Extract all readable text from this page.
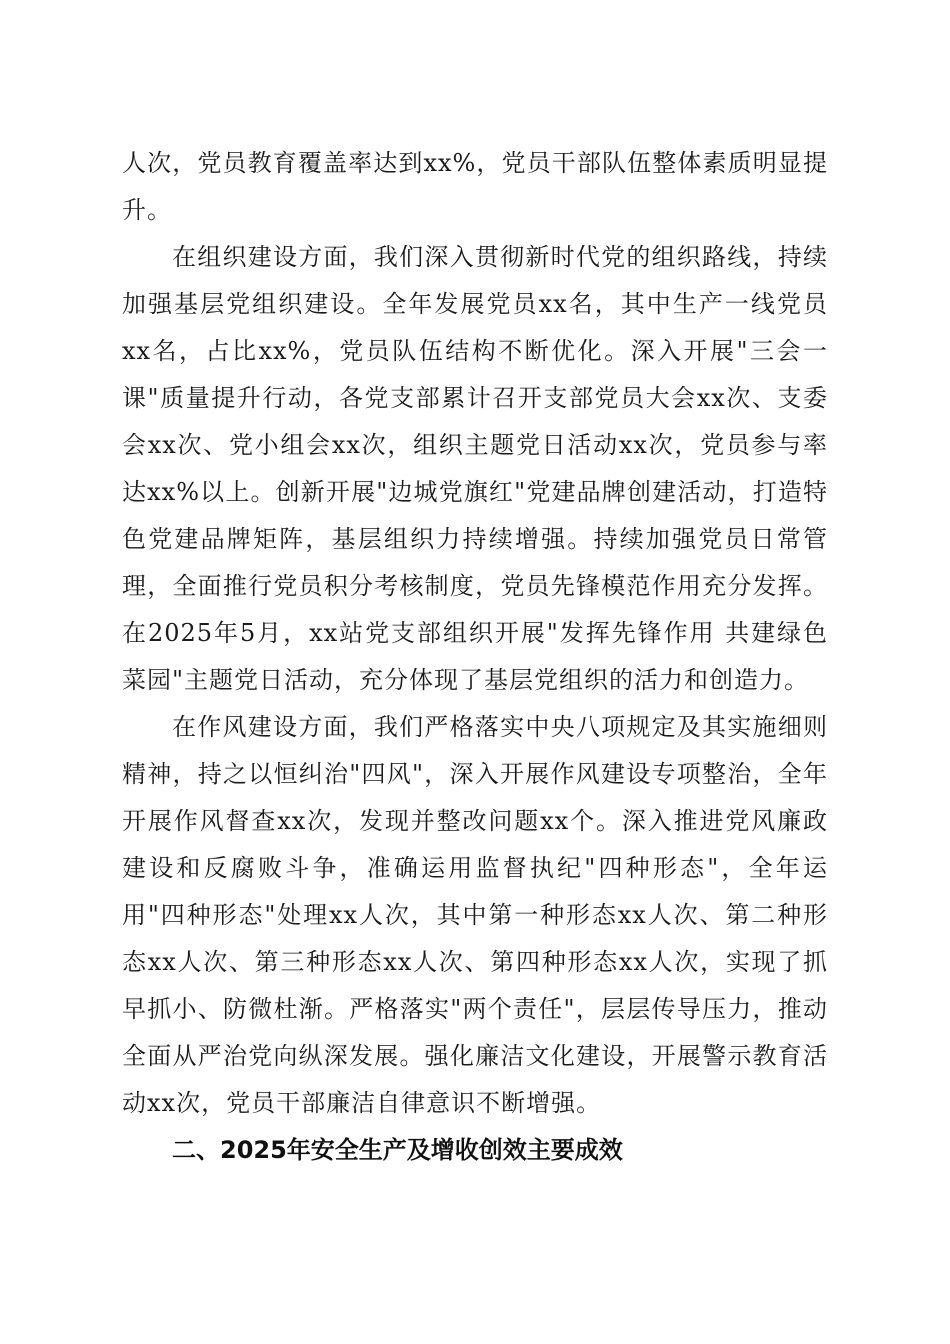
人次，党员教育覆盖率达到xx%，党员干部队伍整体素质明显提升。

在组织建设方面，我们深入贯彻新时代党的组织路线，持续加强基层党组织建设。全年发展党员xx名，其中生产一线党员xx名，占比xx%，党员队伍结构不断优化。深入开展"三会一课"质量提升行动，各党支部累计召开支部党员大会xx次、支委会xx次、党小组会xx次，组织主题党日活动xx次，党员参与率达xx%以上。创新开展"边城党旗红"党建品牌创建活动，打造特色党建品牌矩阵，基层组织力持续增强。持续加强党员日常管理，全面推行党员积分考核制度，党员先锋模范作用充分发挥。在2025年5月，xx站党支部组织开展"发挥先锋作用 共建绿色菜园"主题党日活动，充分体现了基层党组织的活力和创造力。

在作风建设方面，我们严格落实中央八项规定及其实施细则精神，持之以恒纠治"四风"，深入开展作风建设专项整治，全年开展作风督查xx次，发现并整改问题xx个。深入推进党风廉政建设和反腐败斗争，准确运用监督执纪"四种形态"，全年运用"四种形态"处理xx人次，其中第一种形态xx人次、第二种形态xx人次、第三种形态xx人次、第四种形态xx人次，实现了抓早抓小、防微杜渐。严格落实"两个责任"，层层传导压力，推动全面从严治党向纵深发展。强化廉洁文化建设，开展警示教育活动xx次，党员干部廉洁自律意识不断增强。

二、2025年安全生产及增收创效主要成效
